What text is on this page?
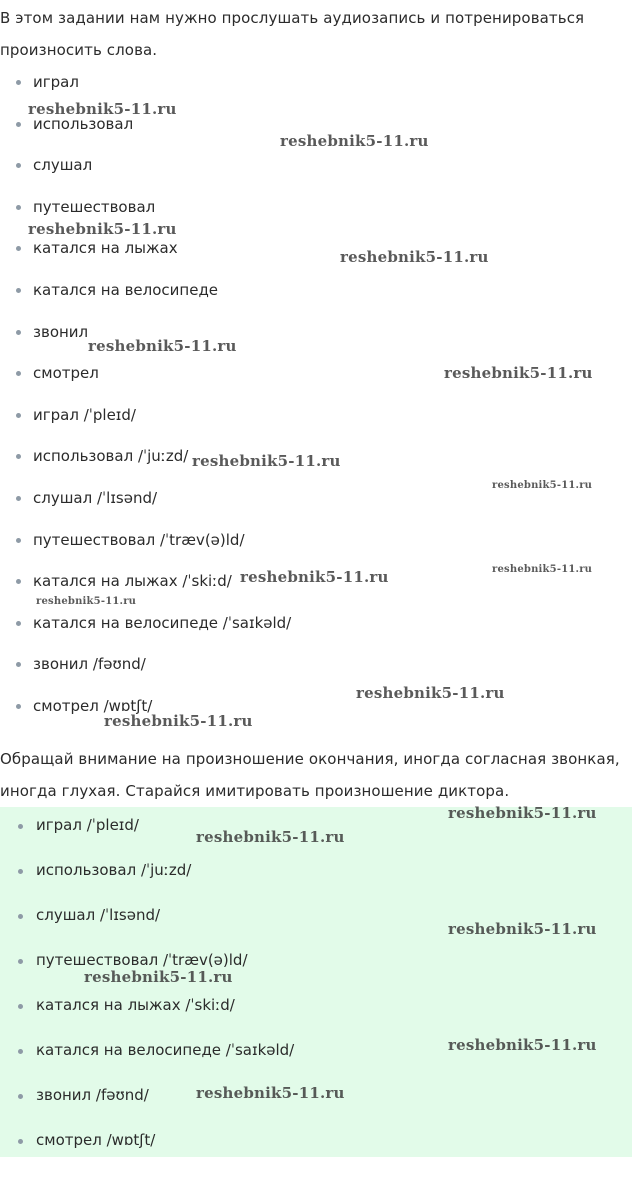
В этом задании нам нужно прослушать аудиозапись и потренироваться произносить слова.

играл
использовал
слушал
путешествовал
катался на лыжах
катался на велосипеде
звонил
смотрел
играл /ˈpleɪd/
использовал /ˈjuːzd/
слушал /ˈlɪsənd/
путешествовал /ˈtræv(ə)ld/
катался на лыжах /ˈskiːd/
катался на велосипеде /ˈsaɪkəld/
звонил /fəʊnd/
смотрел /wɒtʃt/

Обращай внимание на произношение окончания, иногда согласная звонкая, иногда глухая. Старайся имитировать произношение диктора.

играл /ˈpleɪd/
использовал /ˈjuːzd/
слушал /ˈlɪsənd/
путешествовал /ˈtræv(ə)ld/
катался на лыжах /ˈskiːd/
катался на велосипеде /ˈsaɪkəld/
звонил /fəʊnd/
смотрел /wɒtʃt/
reshebnik5-11.ru
reshebnik5-11.ru
reshebnik5-11.ru
reshebnik5-11.ru
reshebnik5-11.ru
reshebnik5-11.ru
reshebnik5-11.ru
reshebnik5-11.ru
reshebnik5-11.ru	reshebnik5-11.ru
reshebnik5-11.ru
reshebnik5-11.ru
reshebnik5-11.ru
reshebnik5-11.ru
reshebnik5-11.ru
reshebnik5-11.ru
reshebnik5-11.ru
reshebnik5-11.ru
reshebnik5-11.ru
